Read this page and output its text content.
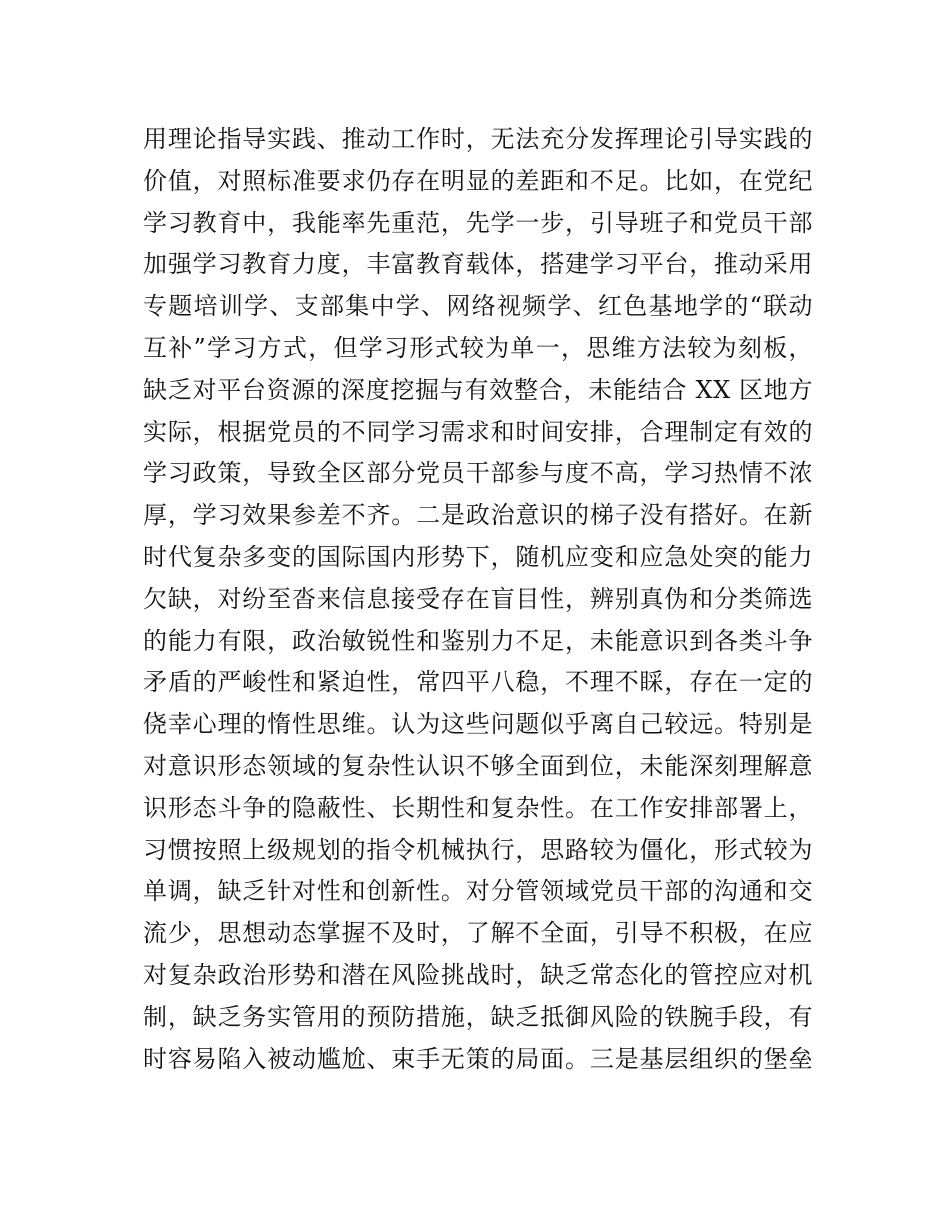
用理论指导实践、推动工作时，无法充分发挥理论引导实践的
价值，对照标准要求仍存在明显的差距和不足。比如，在党纪
学习教育中，我能率先重范，先学一步，引导班子和党员干部
加强学习教育力度，丰富教育载体，搭建学习平台，推动采用
专题培训学、支部集中学、网络视频学、红色基地学的“联动
互补”学习方式，但学习形式较为单一，思维方法较为刻板，
缺乏对平台资源的深度挖掘与有效整合，未能结合 XX 区地方
实际，根据党员的不同学习需求和时间安排，合理制定有效的
学习政策，导致全区部分党员干部参与度不高，学习热情不浓
厚，学习效果参差不齐。二是政治意识的梯子没有搭好。在新
时代复杂多变的国际国内形势下，随机应变和应急处突的能力
欠缺，对纷至沓来信息接受存在盲目性，辨别真伪和分类筛选
的能力有限，政治敏锐性和鉴别力不足，未能意识到各类斗争
矛盾的严峻性和紧迫性，常四平八稳，不理不睬，存在一定的
侥幸心理的惰性思维。认为这些问题似乎离自己较远。特别是
对意识形态领域的复杂性认识不够全面到位，未能深刻理解意
识形态斗争的隐蔽性、长期性和复杂性。在工作安排部署上，
习惯按照上级规划的指令机械执行，思路较为僵化，形式较为
单调，缺乏针对性和创新性。对分管领域党员干部的沟通和交
流少，思想动态掌握不及时，了解不全面，引导不积极，在应
对复杂政治形势和潜在风险挑战时，缺乏常态化的管控应对机
制，缺乏务实管用的预防措施，缺乏抵御风险的铁腕手段，有
时容易陷入被动尴尬、束手无策的局面。三是基层组织的堡垒
